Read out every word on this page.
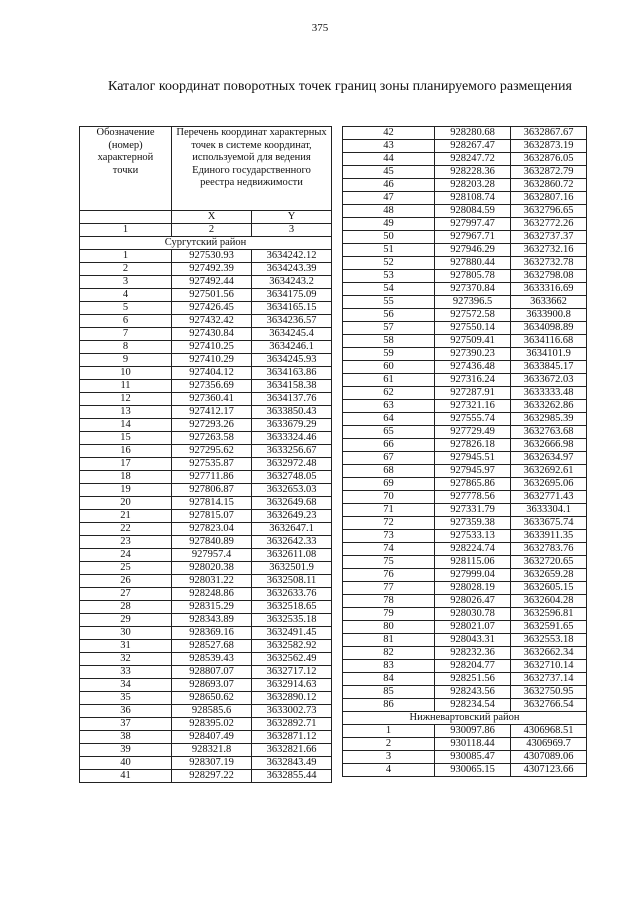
375
Каталог координат поворотных точек границ зоны планируемого размещения
Обозначение (номер) характерной точки	Перечень координат характерных точек в системе координат, используемой для ведения Единого государственного реестра недвижимости	
	X	Y
1	2	3
Сургутский район		
1	927530.93	3634242.12
2	927492.39	3634243.39
3	927492.44	3634243.2
4	927501.56	3634175.09
5	927426.45	3634165.15
6	927432.42	3634236.57
7	927430.84	3634245.4
8	927410.25	3634246.1
9	927410.29	3634245.93
10	927404.12	3634163.86
11	927356.69	3634158.38
12	927360.41	3634137.76
13	927412.17	3633850.43
14	927293.26	3633679.29
15	927263.58	3633324.46
16	927295.62	3633256.67
17	927535.87	3632972.48
18	927711.86	3632748.05
19	927806.87	3632653.03
20	927814.15	3632649.68
21	927815.07	3632649.23
22	927823.04	3632647.1
23	927840.89	3632642.33
24	927957.4	3632611.08
25	928020.38	3632501.9
26	928031.22	3632508.11
27	928248.86	3632633.76
28	928315.29	3632518.65
29	928343.89	3632535.18
30	928369.16	3632491.45
31	928527.68	3632582.92
32	928539.43	3632562.49
33	928807.07	3632717.12
34	928693.07	3632914.63
35	928650.62	3632890.12
36	928585.6	3633002.73
37	928395.02	3632892.71
38	928407.49	3632871.12
39	928321.8	3632821.66
40	928307.19	3632843.49
41	928297.22	3632855.44
42	928280.68	3632867.67
43	928267.47	3632873.19
44	928247.72	3632876.05
45	928228.36	3632872.79
46	928203.28	3632860.72
47	928108.74	3632807.16
48	928084.59	3632796.65
49	927997.47	3632772.26
50	927967.71	3632737.37
51	927946.29	3632732.16
52	927880.44	3632732.78
53	927805.78	3632798.08
54	927370.84	3633316.69
55	927396.5	3633662
56	927572.58	3633900.8
57	927550.14	3634098.89
58	927509.41	3634116.68
59	927390.23	3634101.9
60	927436.48	3633845.17
61	927316.24	3633672.03
62	927287.91	3633333.48
63	927321.16	3633262.86
64	927555.74	3632985.39
65	927729.49	3632763.68
66	927826.18	3632666.98
67	927945.51	3632634.97
68	927945.97	3632692.61
69	927865.86	3632695.06
70	927778.56	3632771.43
71	927331.79	3633304.1
72	927359.38	3633675.74
73	927533.13	3633911.35
74	928224.74	3632783.76
75	928115.06	3632720.65
76	927999.04	3632659.28
77	928028.19	3632605.15
78	928026.47	3632604.28
79	928030.78	3632596.81
80	928021.07	3632591.65
81	928043.31	3632553.18
82	928232.36	3632662.34
83	928204.77	3632710.14
84	928251.56	3632737.14
85	928243.56	3632750.95
86	928234.54	3632766.54
Нижневартовский район		
1	930097.86	4306968.51
2	930118.44	4306969.7
3	930085.47	4307089.06
4	930065.15	4307123.66
